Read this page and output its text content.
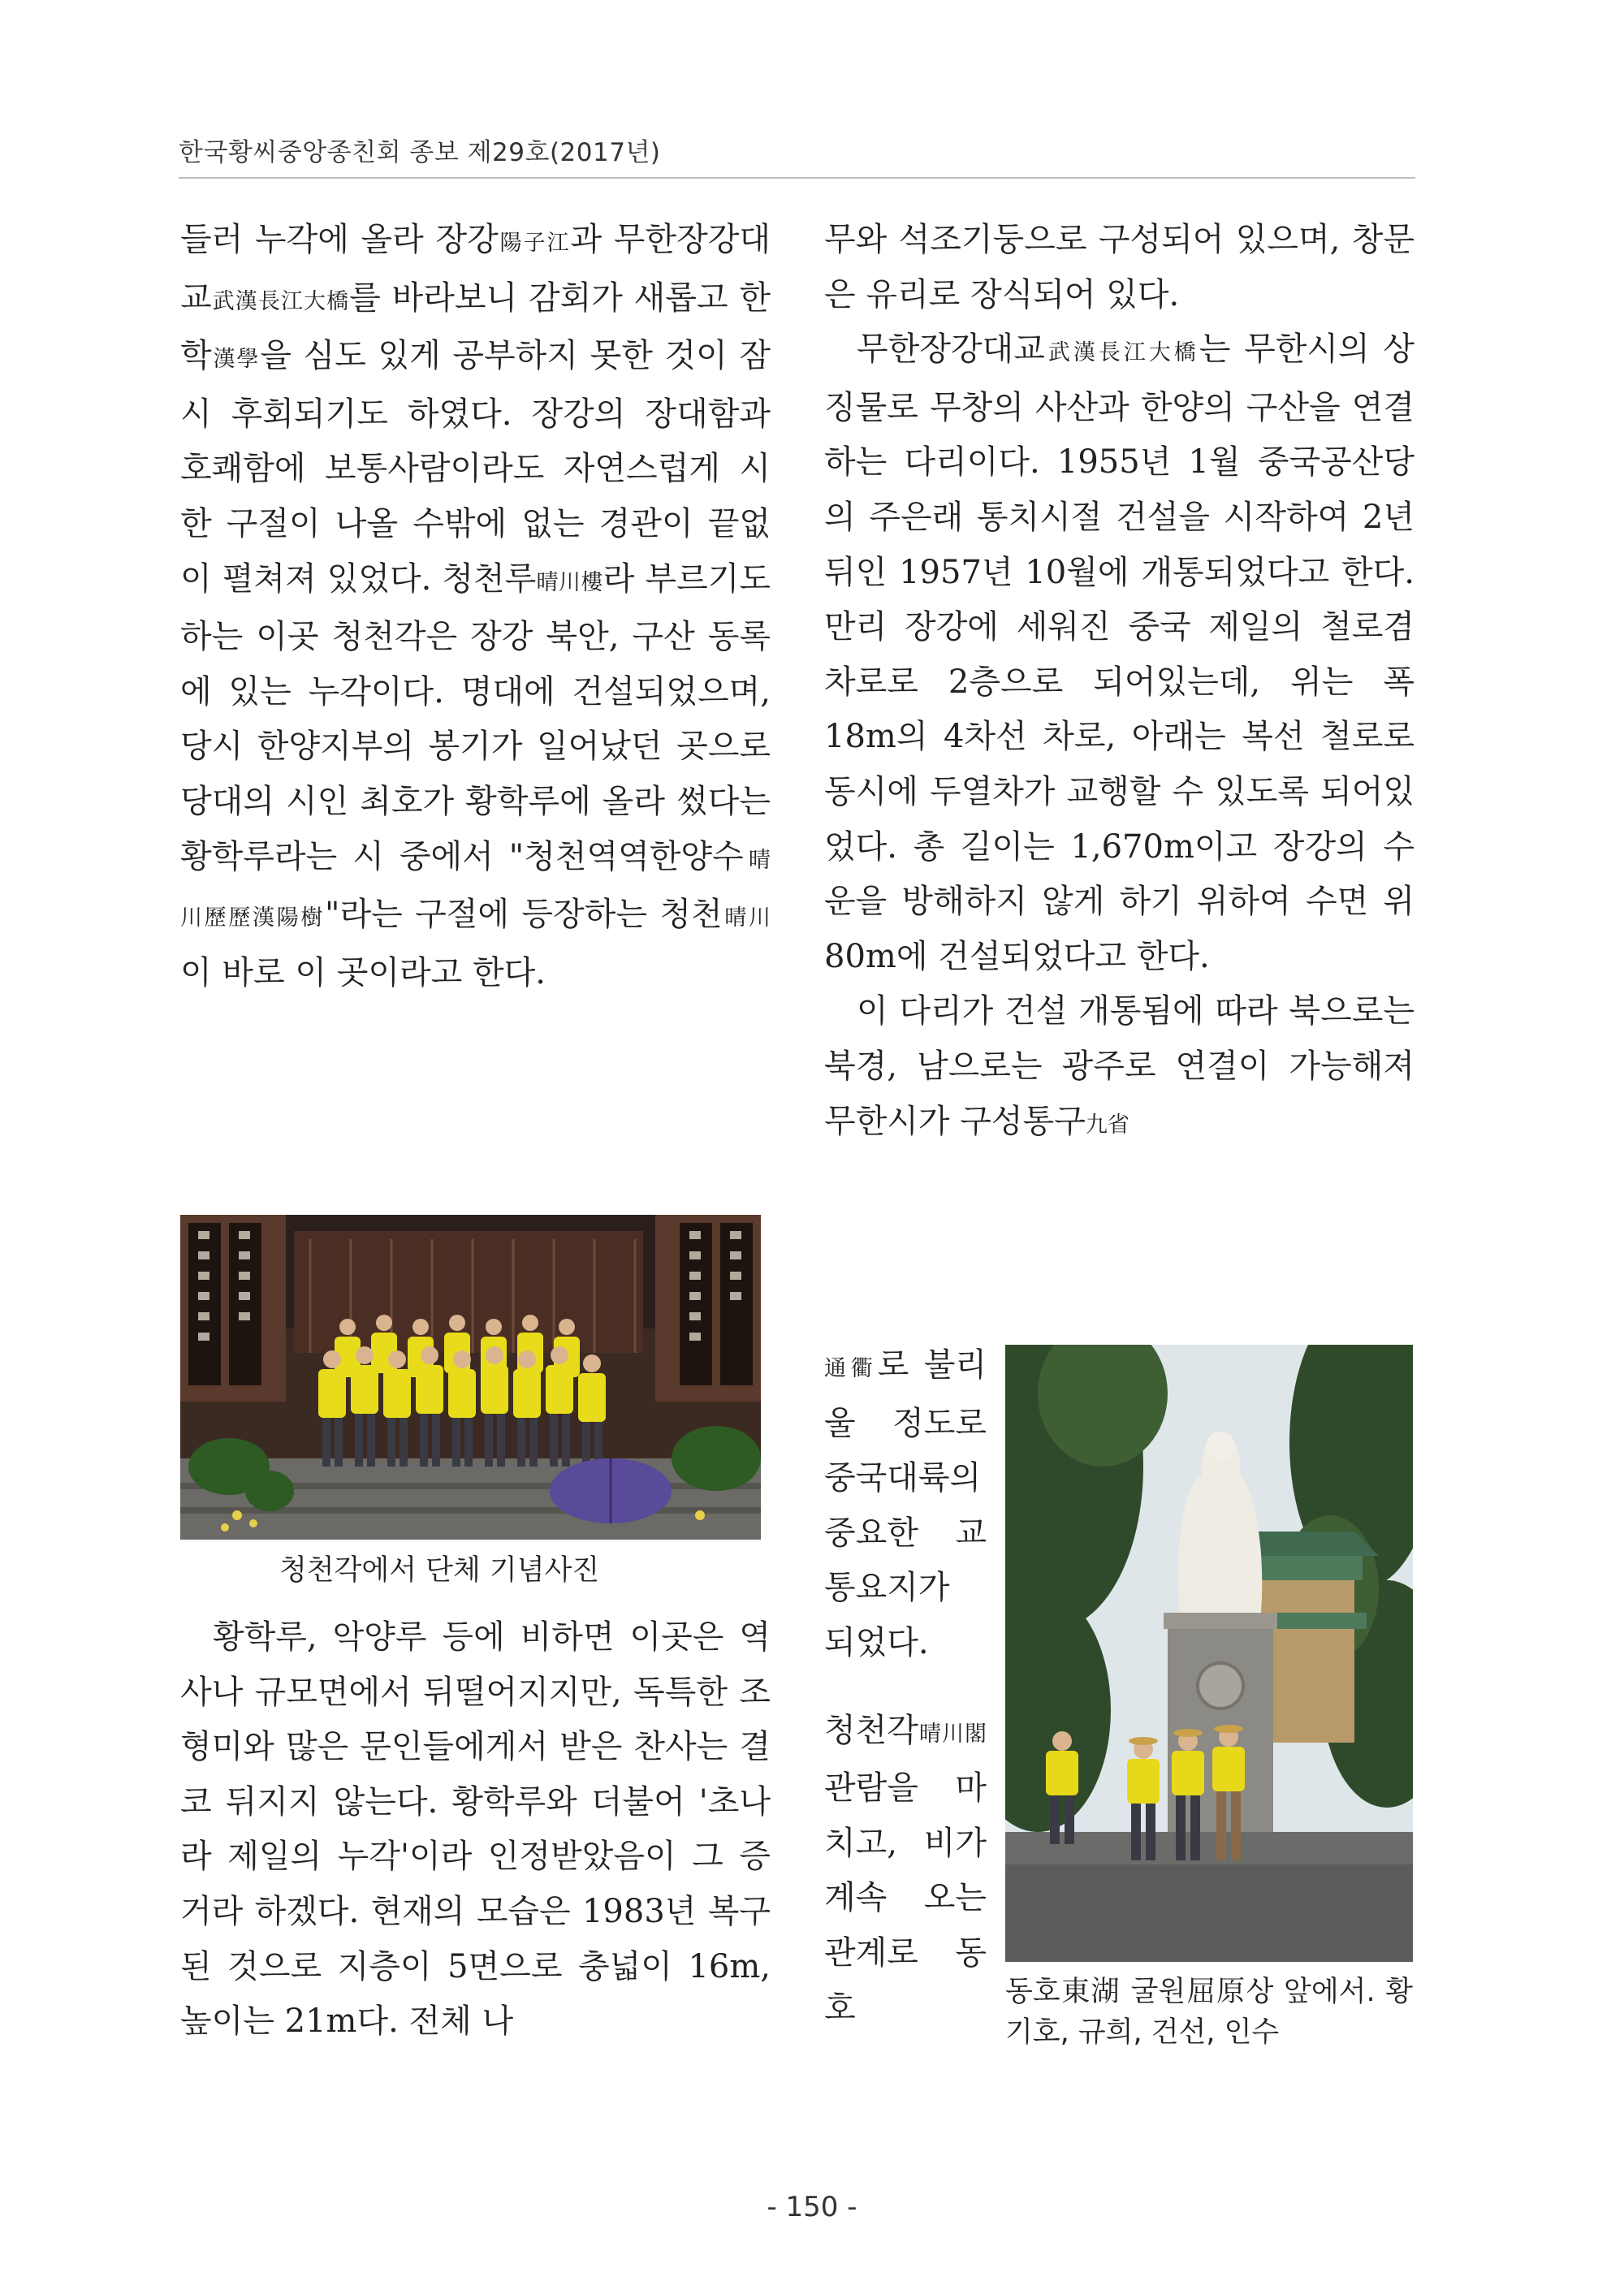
한국황씨중앙종친회 종보 제29호(2017년)

들러 누각에 올라 장강陽子江과 무한장강대교武漢長江大橋를 바라보니 감회가 새롭고 한학漢學을 심도 있게 공부하지 못한 것이 잠시 후회되기도 하였다. 장강의 장대함과 호쾌함에 보통사람이라도 자연스럽게 시한 구절이 나올 수밖에 없는 경관이 끝없이 펼쳐져 있었다. 청천루晴川樓라 부르기도 하는 이곳 청천각은 장강 북안, 구산 동록에 있는 누각이다. 명대에 건설되었으며, 당시 한양지부의 봉기가 일어났던 곳으로 당대의 시인 최호가 황학루에 올라 썼다는 황학루라는 시 중에서 "청천역역한양수晴川歷歷漢陽樹"라는 구절에 등장하는 청천晴川이 바로 이 곳이라고 한다.

청천각에서 단체 기념사진

황학루, 악양루 등에 비하면 이곳은 역사나 규모면에서 뒤떨어지지만, 독특한 조형미와 많은 문인들에게서 받은 찬사는 결코 뒤지지 않는다. 황학루와 더불어 '초나라 제일의 누각'이라 인정받았음이 그 증거라 하겠다. 현재의 모습은 1983년 복구된 것으로 지층이 5면으로 충넓이 16m, 높이는 21m다. 전체 나

무와 석조기둥으로 구성되어 있으며, 창문은 유리로 장식되어 있다.

무한장강대교武漢長江大橋는 무한시의 상징물로 무창의 사산과 한양의 구산을 연결하는 다리이다. 1955년 1월 중국공산당의 주은래 통치시절 건설을 시작하여 2년 뒤인 1957년 10월에 개통되었다고 한다. 만리 장강에 세워진 중국 제일의 철로겸 차로로 2층으로 되어있는데, 위는 폭 18m의 4차선 차로, 아래는 복선 철로로 동시에 두열차가 교행할 수 있도록 되어있었다. 총 길이는 1,670m이고 장강의 수운을 방해하지 않게 하기 위하여 수면 위 80m에 건설되었다고 한다.

이 다리가 건설 개통됨에 따라 북으로는 북경, 남으로는 광주로 연결이 가능해져 무한시가 구성통구九省

通衢로 불리울 정도로 중국대륙의 중요한 교통요지가 되었다.

청천각晴川閣관람을 마치고, 비가 계속 오는 관계로 동호	동호東湖 굴원屈原상 앞에서. 황기호, 규희, 건선, 인수
- 150 -
